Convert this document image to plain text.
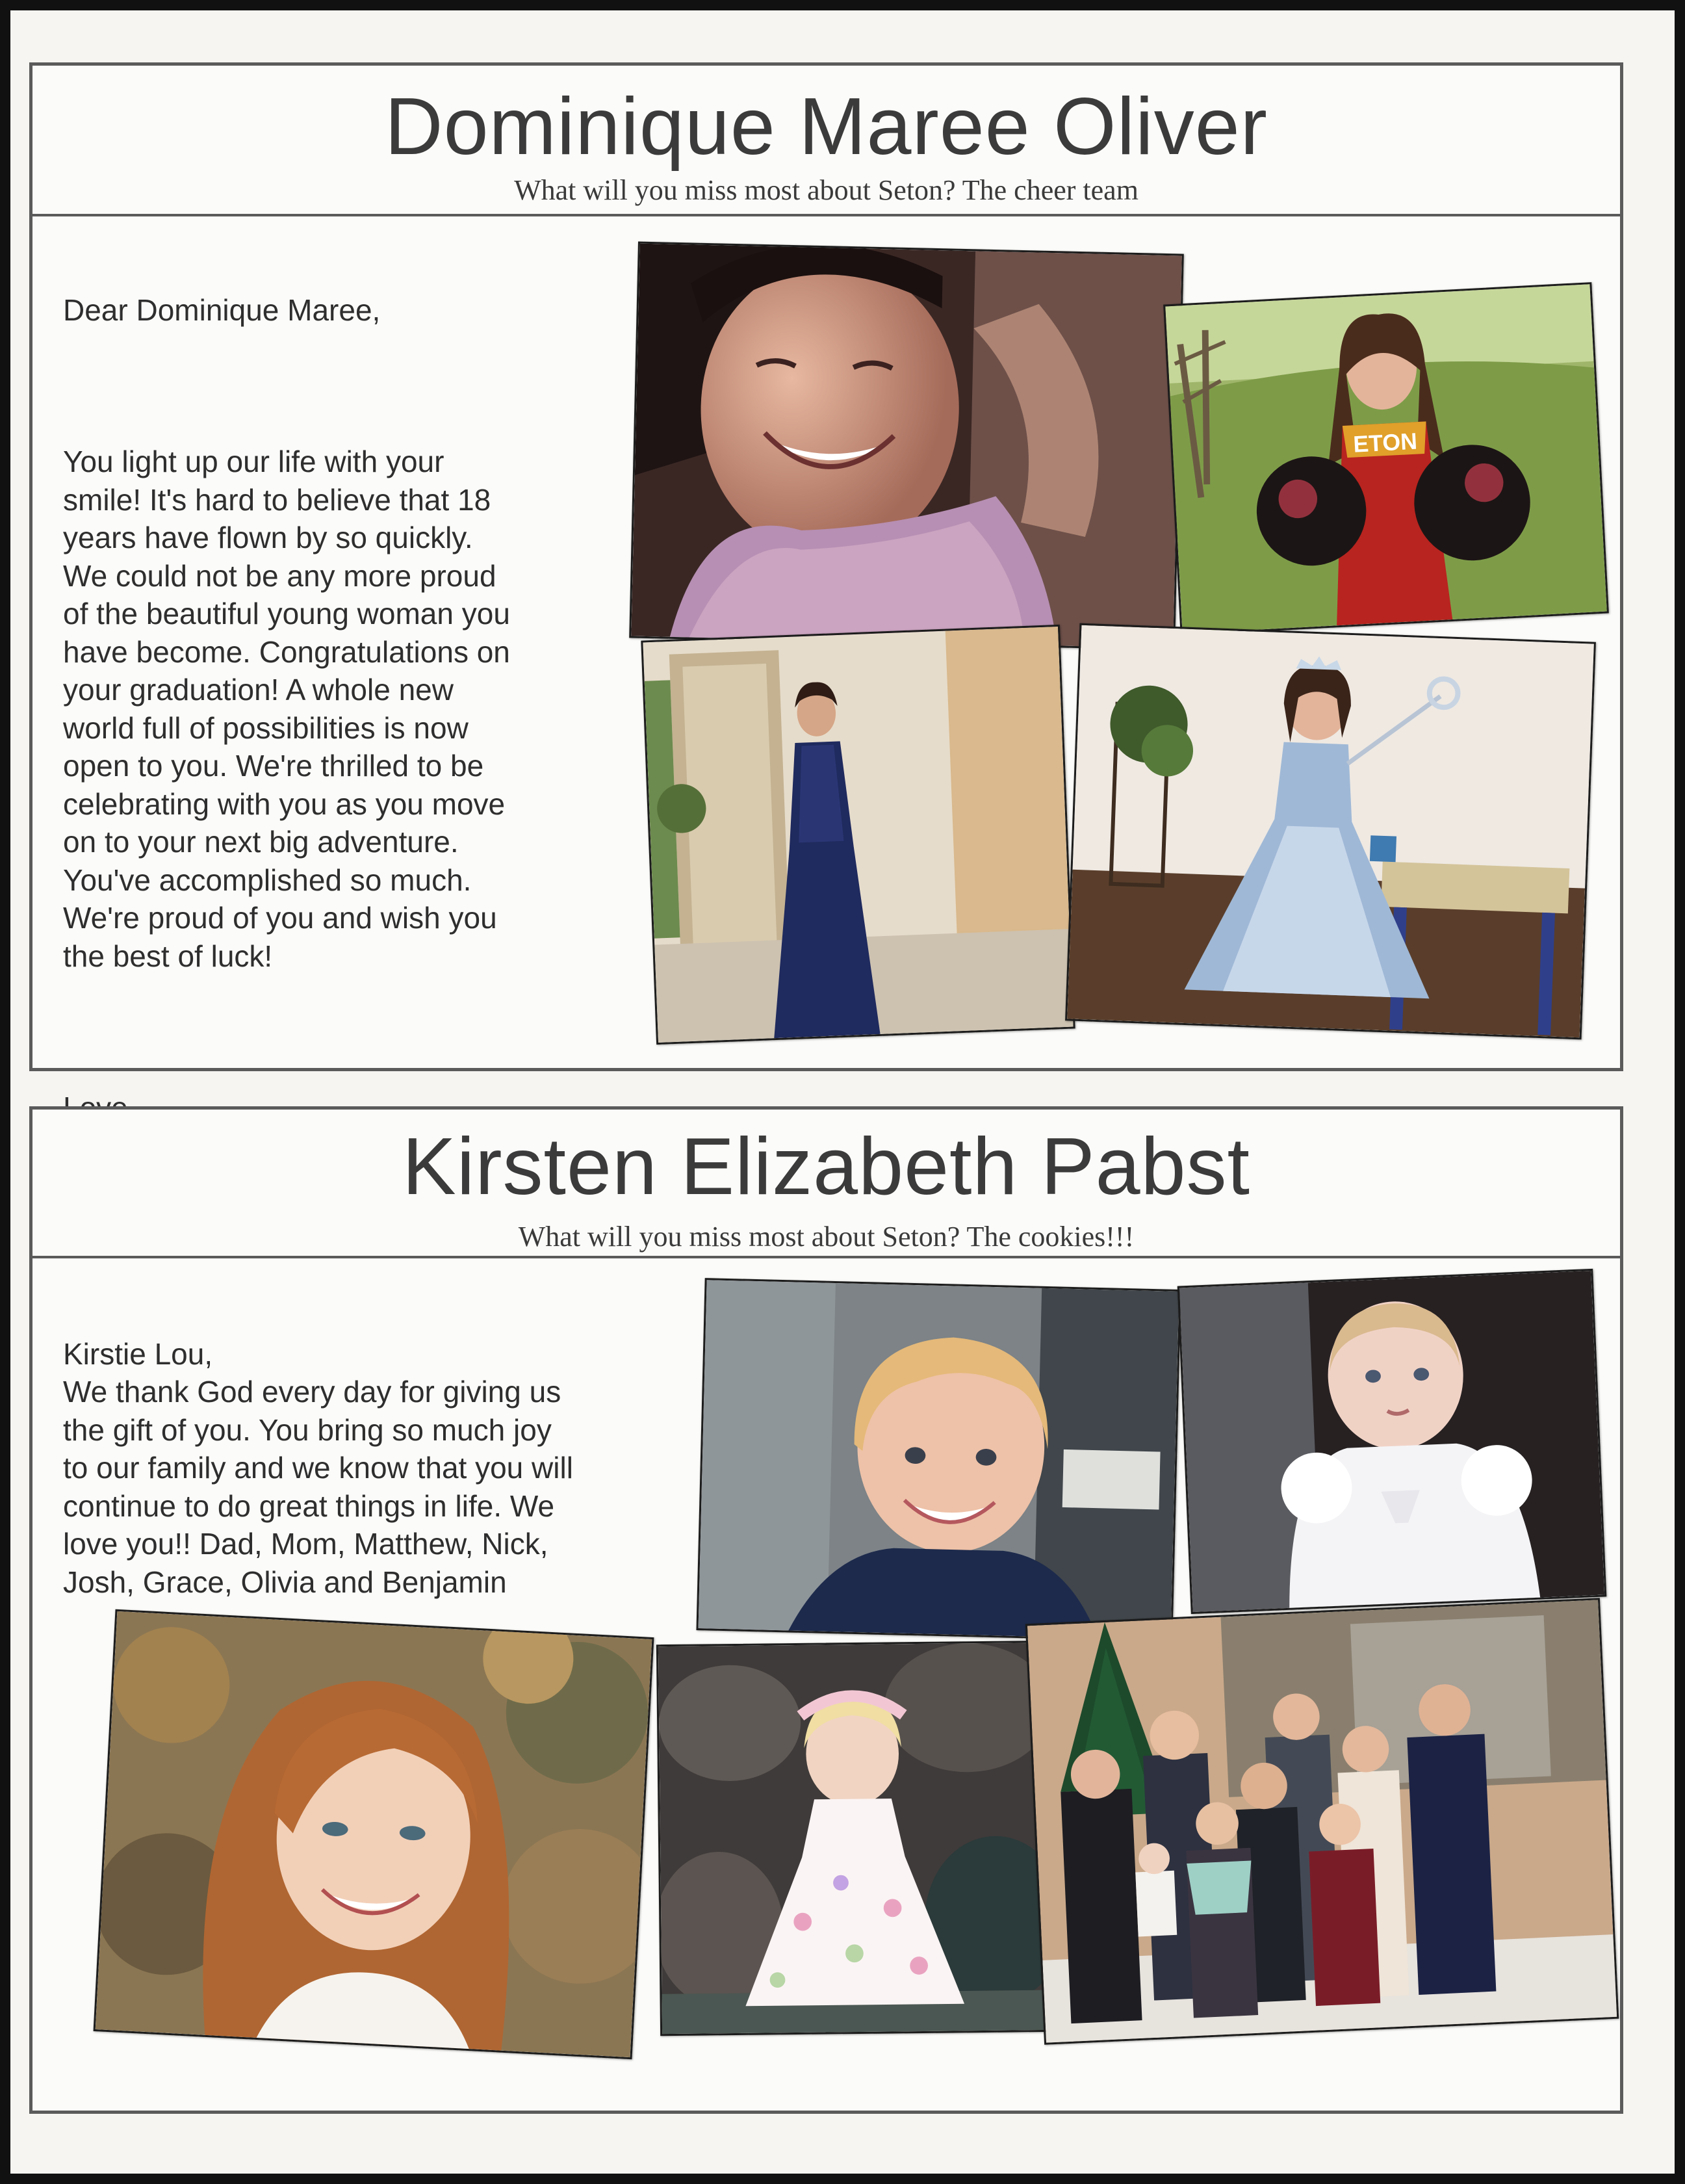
Dominique Maree Oliver
What will you miss most about Seton? The cheer team

Dear Dominique Maree,

You light up our life with your
smile! It's hard to believe that 18
years have flown by so quickly.
We could not be any more proud
of the beautiful young woman you
have become. Congratulations on
your graduation! A whole new
world full of possibilities is now
open to you. We're thrilled to be
celebrating with you as you move
on to your next big adventure.
You've accomplished so much.
We're proud of you and wish you
the best of luck!

ETON
Kirsten Elizabeth Pabst
What will you miss most about Seton? The cookies!!!

Kirstie Lou,
We thank God every day for giving us
the gift of you. You bring so much joy
to our family and we know that you will
continue to do great things in life. We
love you!! Dad, Mom, Matthew, Nick,
Josh, Grace, Olivia and Benjamin
